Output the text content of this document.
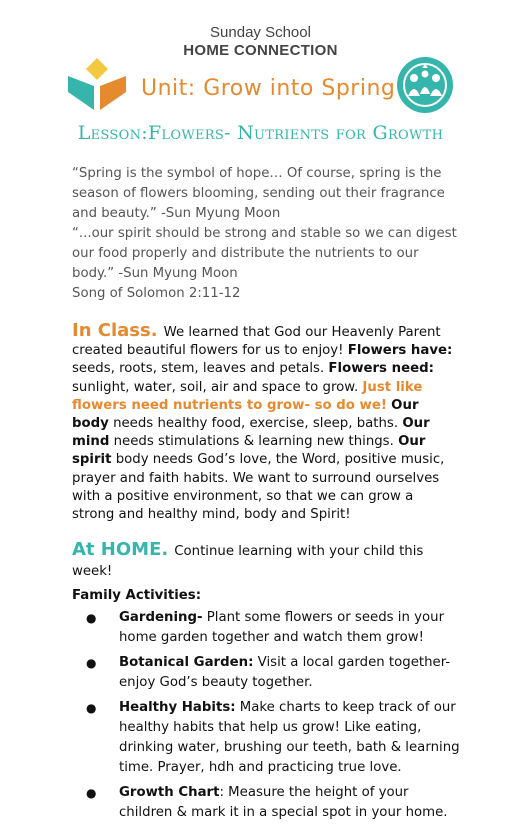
Sunday School
HOME CONNECTION
Unit: Grow into Spring
Lesson:Flowers- Nutrients for Growth

“Spring is the symbol of hope… Of course, spring is the season of flowers blooming, sending out their fragrance and beauty.” -Sun Myung Moon

“...our spirit should be strong and stable so we can digest our food properly and distribute the nutrients to our body.” -Sun Myung Moon

Song of Solomon 2:11-12

In Class. We learned that God our Heavenly Parent created beautiful flowers for us to enjoy! Flowers have: seeds, roots, stem, leaves and petals. Flowers need: sunlight, water, soil, air and space to grow. Just like flowers need nutrients to grow- so do we! Our body needs healthy food, exercise, sleep, baths. Our mind needs stimulations & learning new things. Our spirit body needs God’s love, the Word, positive music, prayer and faith habits. We want to surround ourselves with a positive environment, so that we can grow a strong and healthy mind, body and Spirit!

At HOME. Continue learning with your child this week!

Family Activities:

● Gardening- Plant some flowers or seeds in your home garden together and watch them grow!
● Botanical Garden: Visit a local garden together- enjoy God’s beauty together.
● Healthy Habits: Make charts to keep track of our healthy habits that help us grow! Like eating, drinking water, brushing our teeth, bath & learning time. Prayer, hdh and practicing true love.
● Growth Chart: Measure the height of your children & mark it in a special spot in your home.
